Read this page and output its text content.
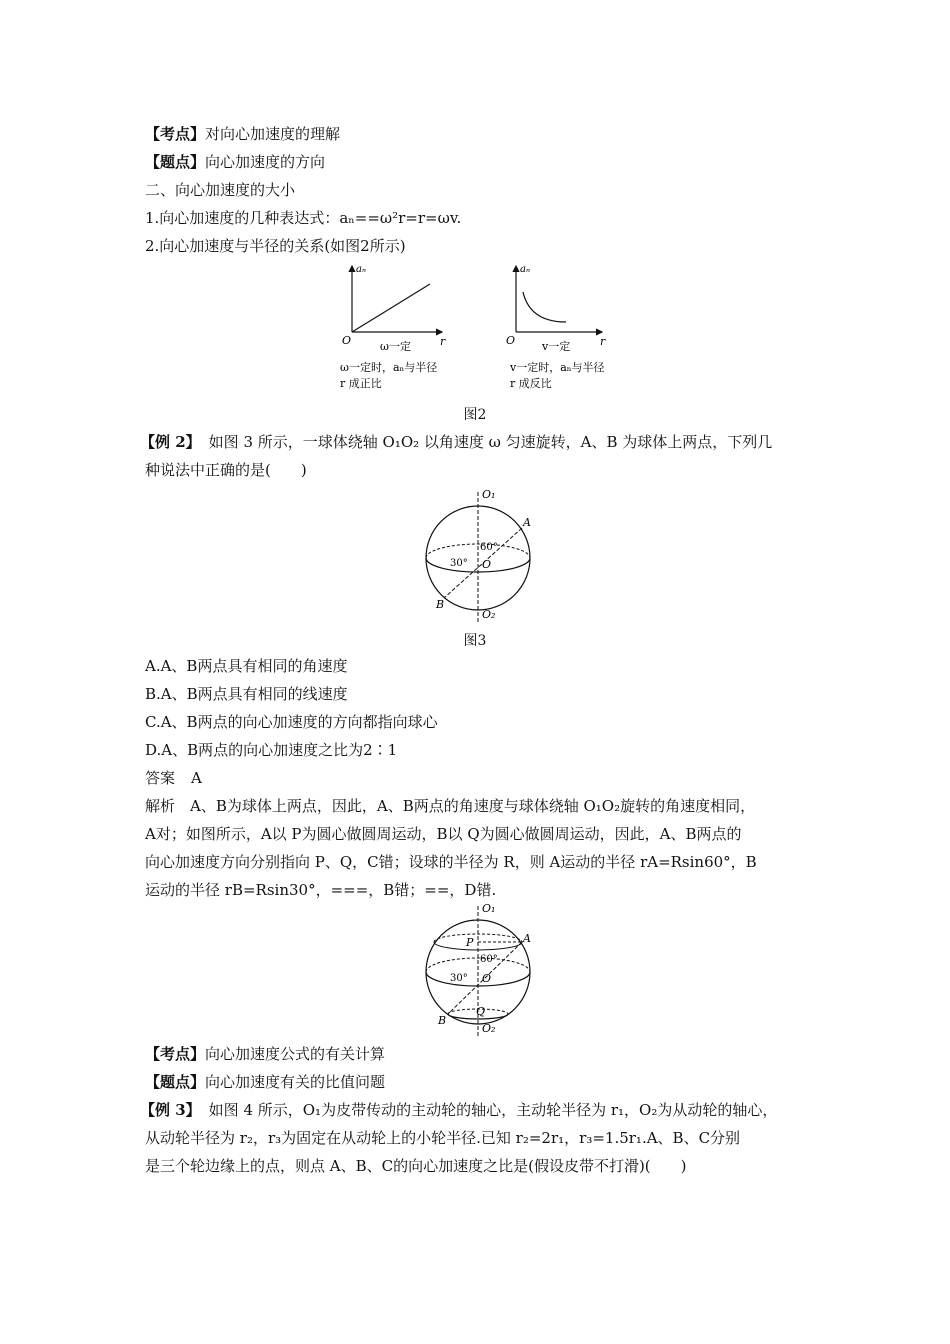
【考点】对向心加速度的理解
【题点】向心加速度的方向
二、向心加速度的大小
1.向心加速度的几种表达式：aₙ==ω²r=r=ωv.
2.向心加速度与半径的关系(如图2所示)
aₙ
O	r
ω一定
ω一定时，aₙ与半径
r 成正比
aₙ
O	r
v一定
v一定时，aₙ与半径
r 成反比
图2
【例 2】 如图 3 所示，一球体绕轴 O₁O₂ 以角速度 ω 匀速旋转，A、B 为球体上两点，下列几
种说法中正确的是(　　)
O₁
O₂
A
B
O
60°
30°
图3
A.A、B两点具有相同的角速度
B.A、B两点具有相同的线速度
C.A、B两点的向心加速度的方向都指向球心
D.A、B两点的向心加速度之比为2∶1
答案 A
解析　A、B为球体上两点，因此，A、B两点的角速度与球体绕轴 O₁O₂旋转的角速度相同，
A对；如图所示，A以 P为圆心做圆周运动，B以 Q为圆心做圆周运动，因此，A、B两点的
向心加速度方向分别指向 P、Q，C错；设球的半径为 R，则 A运动的半径 rA=Rsin60°，B
运动的半径 rB=Rsin30°，===，B错；==，D错.
O₁
O₂
A
B
P
Q
O
60°
30°
【考点】向心加速度公式的有关计算
【题点】向心加速度有关的比值问题
【例 3】 如图 4 所示，O₁为皮带传动的主动轮的轴心，主动轮半径为 r₁，O₂为从动轮的轴心，
从动轮半径为 r₂，r₃为固定在从动轮上的小轮半径.已知 r₂=2r₁，r₃=1.5r₁.A、B、C分别
是三个轮边缘上的点，则点 A、B、C的向心加速度之比是(假设皮带不打滑)(　　)
